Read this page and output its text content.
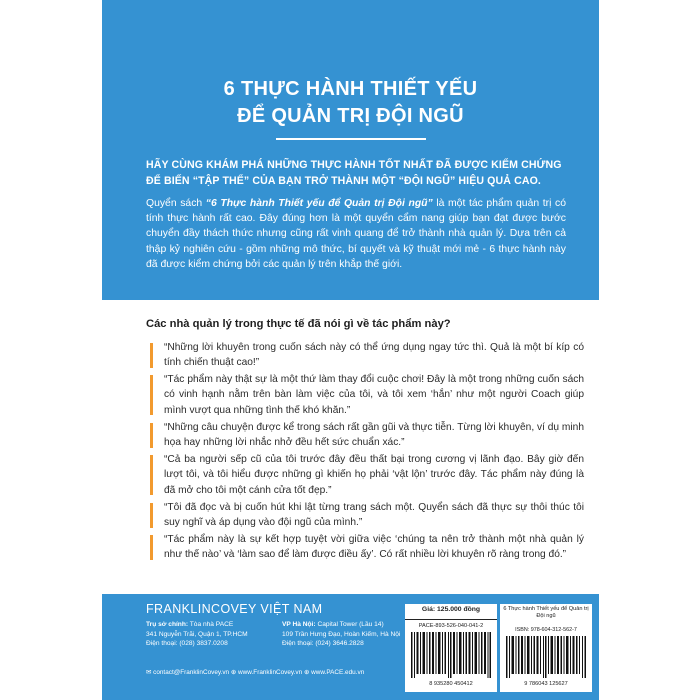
6 THỰC HÀNH THIẾT YẾU
ĐỂ QUẢN TRỊ ĐỘI NGŨ
HÃY CÙNG KHÁM PHÁ NHỮNG THỰC HÀNH TỐT NHẤT ĐÃ ĐƯỢC KIỂM CHỨNG ĐỂ BIẾN “TẬP THỂ” CỦA BẠN TRỞ THÀNH MỘT “ĐỘI NGŨ” HIỆU QUẢ CAO.
Quyển sách “6 Thực hành Thiết yếu để Quản trị Đội ngũ” là một tác phẩm quản trị có tính thực hành rất cao. Đây đúng hơn là một quyển cẩm nang giúp bạn đạt được bước chuyển đầy thách thức nhưng cũng rất vinh quang để trở thành nhà quản lý. Dựa trên cả thập kỷ nghiên cứu - gồm những mô thức, bí quyết và kỹ thuật mới mẻ - 6 thực hành này đã được kiểm chứng bởi các quản lý trên khắp thế giới.
Các nhà quản lý trong thực tế đã nói gì về tác phẩm này?
“Những lời khuyên trong cuốn sách này có thể ứng dụng ngay tức thì. Quả là một bí kíp có tính chiến thuật cao!”
“Tác phẩm này thật sự là một thứ làm thay đổi cuộc chơi! Đây là một trong những cuốn sách có vinh hạnh nằm trên bàn làm việc của tôi, và tôi xem ‘hắn’ như một người Coach giúp mình vượt qua những tình thế khó khăn.”
“Những câu chuyện được kể trong sách rất gần gũi và thực tiễn. Từng lời khuyên, ví dụ minh họa hay những lời nhắc nhở đều hết sức chuẩn xác.”
“Cả ba người sếp cũ của tôi trước đây đều thất bại trong cương vị lãnh đạo. Bây giờ đến lượt tôi, và tôi hiểu được những gì khiến họ phải ‘vật lộn’ trước đây. Tác phẩm này đúng là đã mở cho tôi một cánh cửa tốt đẹp.”
“Tôi đã đọc và bị cuốn hút khi lật từng trang sách một. Quyển sách đã thực sự thôi thúc tôi suy nghĩ và áp dụng vào đội ngũ của mình.”
“Tác phẩm này là sự kết hợp tuyệt vời giữa việc ‘chúng ta nên trở thành một nhà quản lý như thế nào’ và ‘làm sao để làm được điều ấy’. Có rất nhiều lời khuyên rõ ràng trong đó.”
FRANKLINCOVEY VIỆT NAM
Trụ sở chính: Tòa nhà PACE
341 Nguyễn Trãi, Quận 1, TP.HCM
Điện thoại: (028) 3837.0208
VP Hà Nội: Capital Tower (Lầu 14)
109 Trần Hưng Đạo, Hoàn Kiếm, Hà Nội
Điện thoại: (024) 3646.2828
✉ contact@FranklinCovey.vn ⊕ www.FranklinCovey.vn ⊕ www.PACE.edu.vn
Giá: 125.000 đồng
PACE-893-526-040-041-2
8 935280 450412
6 Thực hành Thiết yếu để Quản trị Đội ngũ
ISBN: 978-604-312-562-7
9 786043 125627
